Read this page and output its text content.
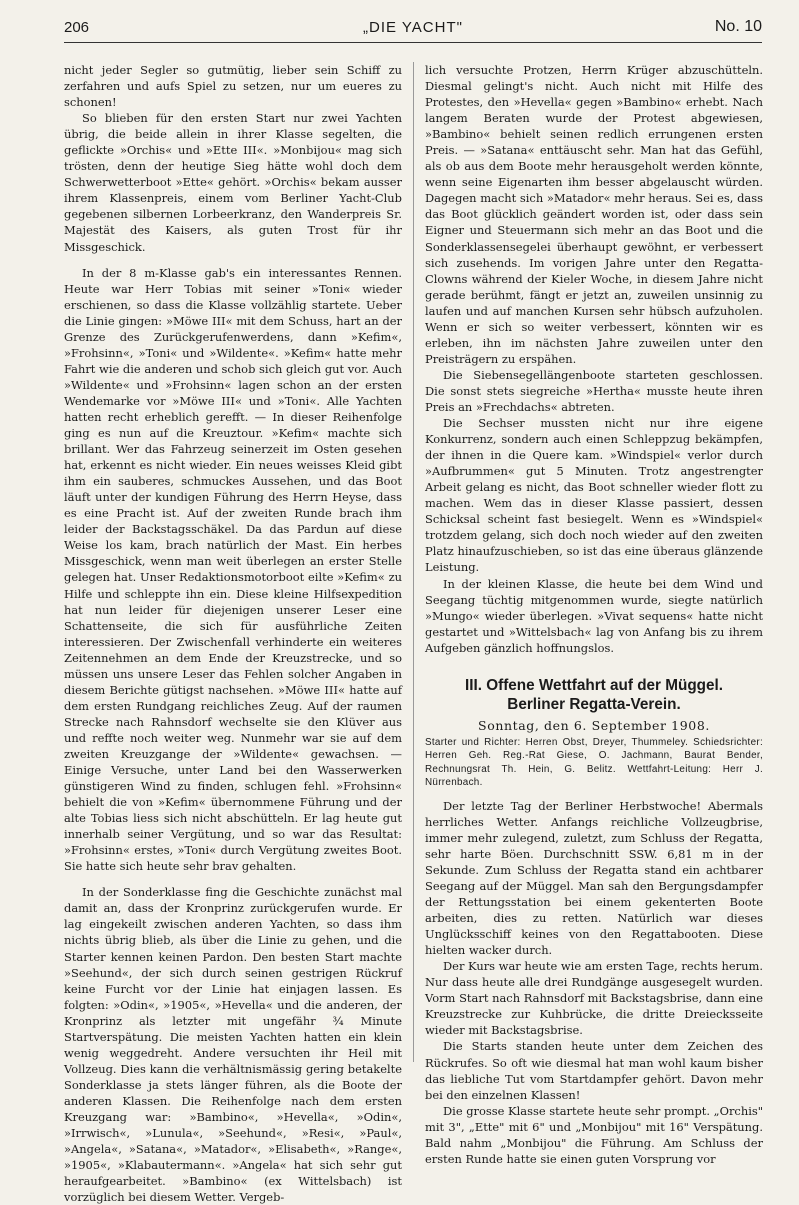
206	„DIE YACHT"	No. 10

nicht jeder Segler so gutmütig, lieber sein Schiff zu zerfahren und aufs Spiel zu setzen, nur um eueres zu schonen!

So blieben für den ersten Start nur zwei Yachten übrig, die beide allein in ihrer Klasse segelten, die geflickte »Orchis« und »Ette III«. »Monbijou« mag sich trösten, denn der heutige Sieg hätte wohl doch dem Schwerwetterboot »Ette« gehört. »Orchis« bekam ausser ihrem Klassenpreis, einem vom Berliner Yacht-Club gegebenen silbernen Lorbeerkranz, den Wanderpreis Sr. Majestät des Kaisers, als guten Trost für ihr Missgeschick.

In der 8 m-Klasse gab's ein interessantes Rennen. Heute war Herr Tobias mit seiner »Toni« wieder erschienen, so dass die Klasse vollzählig startete. Ueber die Linie gingen: »Möwe III« mit dem Schuss, hart an der Grenze des Zurückgerufenwerdens, dann »Kefim«, »Frohsinn«, »Toni« und »Wildente«. »Kefim« hatte mehr Fahrt wie die anderen und schob sich gleich gut vor. Auch »Wildente« und »Frohsinn« lagen schon an der ersten Wendemarke vor »Möwe III« und »Toni«. Alle Yachten hatten recht erheblich gerefft. — In dieser Reihenfolge ging es nun auf die Kreuztour. »Kefim« machte sich brillant. Wer das Fahrzeug seinerzeit im Osten gesehen hat, erkennt es nicht wieder. Ein neues weisses Kleid gibt ihm ein sauberes, schmuckes Aussehen, und das Boot läuft unter der kundigen Führung des Herrn Heyse, dass es eine Pracht ist. Auf der zweiten Runde brach ihm leider der Backstagsschäkel. Da das Pardun auf diese Weise los kam, brach natürlich der Mast. Ein herbes Missgeschick, wenn man weit überlegen an erster Stelle gelegen hat. Unser Redaktionsmotorboot eilte »Kefim« zu Hilfe und schleppte ihn ein. Diese kleine Hilfsexpedition hat nun leider für diejenigen unserer Leser eine Schattenseite, die sich für ausführliche Zeiten interessieren. Der Zwischenfall verhinderte ein weiteres Zeitennehmen an dem Ende der Kreuzstrecke, und so müssen uns unsere Leser das Fehlen solcher Angaben in diesem Berichte gütigst nachsehen. »Möwe III« hatte auf dem ersten Rundgang reichliches Zeug. Auf der raumen Strecke nach Rahnsdorf wechselte sie den Klüver aus und reffte noch weiter weg. Nunmehr war sie auf dem zweiten Kreuzgange der »Wildente« gewachsen. — Einige Versuche, unter Land bei den Wasserwerken günstigeren Wind zu finden, schlugen fehl. »Frohsinn« behielt die von »Kefim« übernommene Führung und der alte Tobias liess sich nicht abschütteln. Er lag heute gut innerhalb seiner Vergütung, und so war das Resultat: »Frohsinn« erstes, »Toni« durch Vergütung zweites Boot. Sie hatte sich heute sehr brav gehalten.

In der Sonderklasse fing die Geschichte zunächst mal damit an, dass der Kronprinz zurückgerufen wurde. Er lag eingekeilt zwischen anderen Yachten, so dass ihm nichts übrig blieb, als über die Linie zu gehen, und die Starter kennen keinen Pardon. Den besten Start machte »Seehund«, der sich durch seinen gestrigen Rückruf keine Furcht vor der Linie hat einjagen lassen. Es folgten: »Odin«, »1905«, »Hevella« und die anderen, der Kronprinz als letzter mit ungefähr ¾ Minute Startverspätung. Die meisten Yachten hatten ein klein wenig weggedreht. Andere versuchten ihr Heil mit Vollzeug. Dies kann die verhältnismässig gering betakelte Sonderklasse ja stets länger führen, als die Boote der anderen Klassen. Die Reihenfolge nach dem ersten Kreuzgang war: »Bambino«, »Hevella«, »Odin«, »Irrwisch«, »Lunula«, »Seehund«, »Resi«, »Paul«, »Angela«, »Satana«, »Matador«, »Elisabeth«, »Range«, »1905«, »Klabautermann«. »Angela« hat sich sehr gut heraufgearbeitet. »Bambino« (ex Wittelsbach) ist vorzüglich bei diesem Wetter. Vergeb-

lich versuchte Protzen, Herrn Krüger abzuschütteln. Diesmal gelingt's nicht. Auch nicht mit Hilfe des Protestes, den »Hevella« gegen »Bambino« erhebt. Nach langem Beraten wurde der Protest abgewiesen, »Bambino« behielt seinen redlich errungenen ersten Preis. — »Satana« enttäuscht sehr. Man hat das Gefühl, als ob aus dem Boote mehr herausgeholt werden könnte, wenn seine Eigenarten ihm besser abgelauscht würden. Dagegen macht sich »Matador« mehr heraus. Sei es, dass das Boot glücklich geändert worden ist, oder dass sein Eigner und Steuermann sich mehr an das Boot und die Sonderklassensegelei überhaupt gewöhnt, er verbessert sich zusehends. Im vorigen Jahre unter den Regatta-Clowns während der Kieler Woche, in diesem Jahre nicht gerade berühmt, fängt er jetzt an, zuweilen unsinnig zu laufen und auf manchen Kursen sehr hübsch aufzuholen. Wenn er sich so weiter verbessert, könnten wir es erleben, ihn im nächsten Jahre zuweilen unter den Preisträgern zu erspähen.

Die Siebensegellängenboote starteten geschlossen. Die sonst stets siegreiche »Hertha« musste heute ihren Preis an »Frechdachs« abtreten.

Die Sechser mussten nicht nur ihre eigene Konkurrenz, sondern auch einen Schleppzug bekämpfen, der ihnen in die Quere kam. »Windspiel« verlor durch »Aufbrummen« gut 5 Minuten. Trotz angestrengter Arbeit gelang es nicht, das Boot schneller wieder flott zu machen. Wem das in dieser Klasse passiert, dessen Schicksal scheint fast besiegelt. Wenn es »Windspiel« trotzdem gelang, sich doch noch wieder auf den zweiten Platz hinaufzuschieben, so ist das eine überaus glänzende Leistung.

In der kleinen Klasse, die heute bei dem Wind und Seegang tüchtig mitgenommen wurde, siegte natürlich »Mungo« wieder überlegen. »Vivat sequens« hatte nicht gestartet und »Wittelsbach« lag von Anfang bis zu ihrem Aufgeben gänzlich hoffnungslos.

III. Offene Wettfahrt auf der Müggel.
Berliner Regatta-Verein.
Sonntag, den 6. September 1908.
Starter und Richter: Herren Obst, Dreyer, Thummeley. Schiedsrichter: Herren Geh. Reg.-Rat Giese, O. Jachmann, Baurat Bender, Rechnungsrat Th. Hein, G. Belitz. Wettfahrt-Leitung: Herr J. Nürrenbach.

Der letzte Tag der Berliner Herbstwoche! Abermals herrliches Wetter. Anfangs reichliche Vollzeugbrise, immer mehr zulegend, zuletzt, zum Schluss der Regatta, sehr harte Böen. Durchschnitt SSW. 6,81 m in der Sekunde. Zum Schluss der Regatta stand ein achtbarer Seegang auf der Müggel. Man sah den Bergungsdampfer der Rettungsstation bei einem gekenterten Boote arbeiten, dies zu retten. Natürlich war dieses Unglücksschiff keines von den Regattabooten. Diese hielten wacker durch.

Der Kurs war heute wie am ersten Tage, rechts herum. Nur dass heute alle drei Rundgänge ausgesegelt wurden. Vorm Start nach Rahnsdorf mit Backstagsbrise, dann eine Kreuzstrecke zur Kuhbrücke, die dritte Dreiecksseite wieder mit Backstagsbrise.

Die Starts standen heute unter dem Zeichen des Rückrufes. So oft wie diesmal hat man wohl kaum bisher das liebliche Tut vom Startdampfer gehört. Davon mehr bei den einzelnen Klassen!

Die grosse Klasse startete heute sehr prompt. „Orchis" mit 3", „Ette" mit 6" und „Monbijou" mit 16" Verspätung. Bald nahm „Monbijou" die Führung. Am Schluss der ersten Runde hatte sie einen guten Vorsprung vor
